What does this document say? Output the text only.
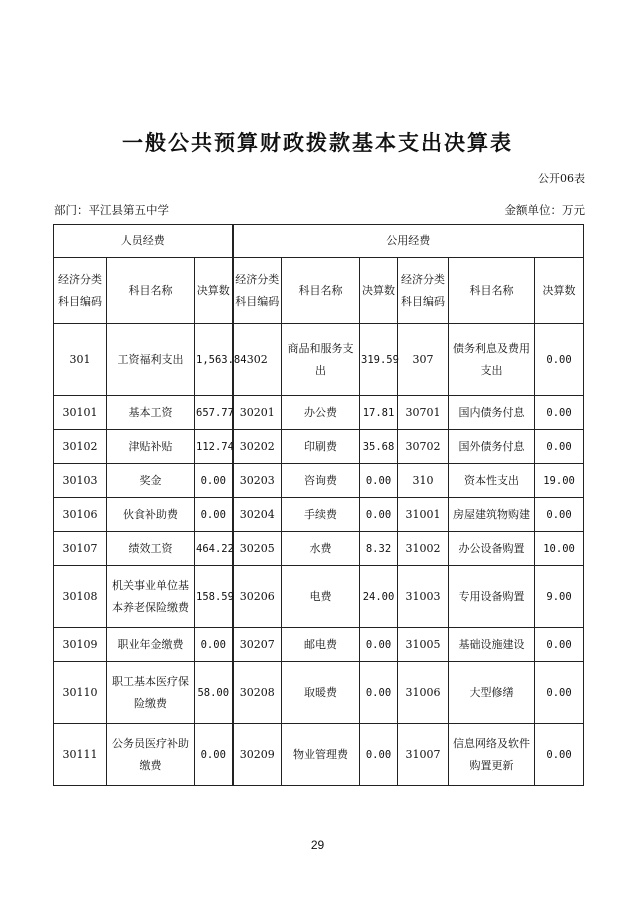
一般公共预算财政拨款基本支出决算表
公开06表
部门：平江县第五中学	金额单位：万元
人员经费			公用经费					
经济分类科目编码	科目名称	决算数	经济分类科目编码	科目名称	决算数	经济分类科目编码	科目名称	决算数
301	工资福利支出	1,563.84	302	商品和服务支出	319.59	307	债务利息及费用支出	0.00
30101	基本工资	657.77	30201	办公费	17.81	30701	国内债务付息	0.00
30102	津贴补贴	112.74	30202	印刷费	35.68	30702	国外债务付息	0.00
30103	奖金	0.00	30203	咨询费	0.00	310	资本性支出	19.00
30106	伙食补助费	0.00	30204	手续费	0.00	31001	房屋建筑物购建	0.00
30107	绩效工资	464.22	30205	水费	8.32	31002	办公设备购置	10.00
30108	机关事业单位基本养老保险缴费	158.59	30206	电费	24.00	31003	专用设备购置	9.00
30109	职业年金缴费	0.00	30207	邮电费	0.00	31005	基础设施建设	0.00
30110	职工基本医疗保险缴费	58.00	30208	取暖费	0.00	31006	大型修缮	0.00
30111	公务员医疗补助缴费	0.00	30209	物业管理费	0.00	31007	信息网络及软件购置更新	0.00
29
